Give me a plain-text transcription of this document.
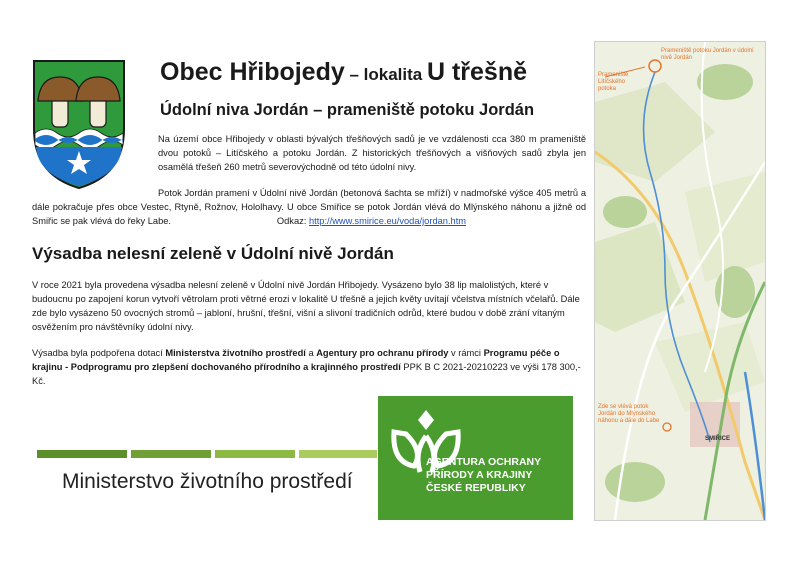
Obec Hřibojedy – lokalita U třešně
Údolní niva Jordán – prameniště potoku Jordán

Na území obce Hřibojedy v oblasti bývalých třešňových sadů je ve vzdálenosti cca 380 m prameniště dvou potoků – Litíčského a potoku Jordán. Z historických třešňových a višňových sadů zbyla jen osamělá třešeň 260 metrů severovýchodně od této údolní nivy.

Potok Jordán pramení v Údolní nivě Jordán (betonová šachta se mříží) v nadmořské výšce 405 metrů a dále pokračuje přes obce Vestec, Rtyně, Rožnov, Hololhavy. U obce Smiřice se potok Jordán vlévá do Mlýnského náhonu a jižně od Smiřic se pak vlévá do řeky Labe.	Odkaz: http://www.smirice.eu/voda/jordan.htm

Výsadba nelesní zeleně v Údolní nivě Jordán

V roce 2021 byla provedena výsadba nelesní zeleně v Údolní nivě Jordán Hřibojedy. Vysázeno bylo 38 lip malolistých, které v budoucnu po zapojení korun vytvoří větrolam proti větrné erozi v lokalitě U třešně a jejich květy uvítají včelstva místních včelařů. Dále zde bylo vysázeno 50 ovocných stromů – jabloní, hrušní, třešní, višní a slivoní tradičních odrůd, které budou v době zrání vítaným osvěžením pro návštěvníky údolní nivy.

Výsadba byla podpořena dotací Ministerstva životního prostředí a Agentury pro ochranu přírody v rámci Programu péče o krajinu - Podprogramu pro zlepšení dochovaného přírodního a krajinného prostředí PPK B C 2021-20210223 ve výši 178 300,- Kč.

Prameniště potoku Jordán v údolní nivě Jordán
Prameniště Litíčského potoka
Zde se vlévá potok Jordán do Mlýnského náhonu a dále do Labe
SMIŘICE
Ministerstvo životního prostředí
AGENTURA OCHRANY
PŘÍRODY A KRAJINY
ČESKÉ REPUBLIKY
